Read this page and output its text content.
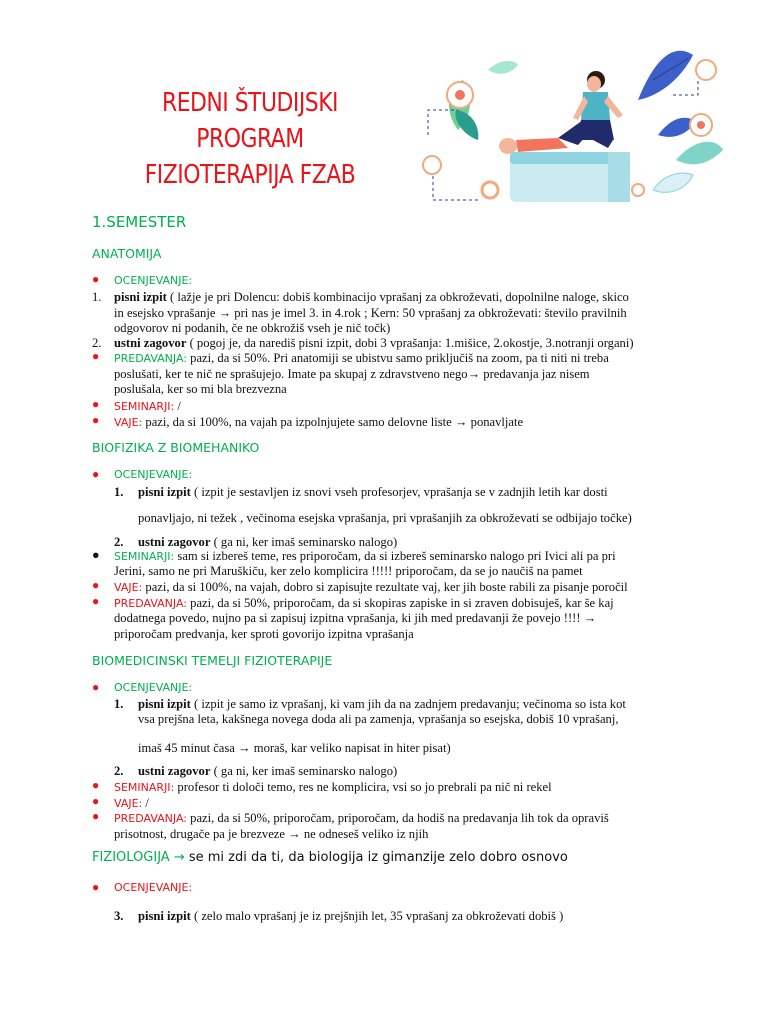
REDNI ŠTUDIJSKI
PROGRAM
FIZIOTERAPIJA FZAB
1.SEMESTER
ANATOMIJA
● OCENJEVANJE:
1. pisni izpit ( lažje je pri Dolencu: dobiš kombinacijo vprašanj za obkroževati, dopolnilne naloge, skico
in esejsko vprašanje → pri nas je imel 3. in 4.rok ; Kern: 50 vprašanj za obkroževati: število pravilnih
odgovorov ni podanih, če ne obkrožiš vseh je nič točk)
2. ustni zagovor ( pogoj je, da narediš pisni izpit, dobi 3 vprašanja: 1.mišice, 2.okostje, 3.notranji organi)
● PREDAVANJA: pazi, da si 50%. Pri anatomiji se ubistvu samo priključiš na zoom, pa ti niti ni treba
poslušati, ker te nič ne sprašujejo. Imate pa skupaj z zdravstveno nego→ predavanja jaz nisem
poslušala, ker so mi bla brezvezna
● SEMINARJI: /
● VAJE: pazi, da si 100%, na vajah pa izpolnjujete samo delovne liste → ponavljate
BIOFIZIKA Z BIOMEHANIKO
● OCENJEVANJE:
1. pisni izpit ( izpit je sestavljen iz snovi vseh profesorjev, vprašanja se v zadnjih letih kar dosti
ponavljajo, ni težek , večinoma esejska vprašanja, pri vprašanjih za obkroževati se odbijajo točke)
2. ustni zagovor ( ga ni, ker imaš seminarsko nalogo)
● SEMINARJI: sam si izbereš teme, res priporočam, da si izbereš seminarsko nalogo pri Ivici ali pa pri
Jerini, samo ne pri Maruškiču, ker zelo komplicira !!!!! priporočam, da se jo naučiš na pamet
● VAJE: pazi, da si 100%, na vajah, dobro si zapisujte rezultate vaj, ker jih boste rabili za pisanje poročil
● PREDAVANJA: pazi, da si 50%, priporočam, da si skopiras zapiske in si zraven dobisuješ, kar še kaj
dodatnega povedo, nujno pa si zapisuj izpitna vprašanja, ki jih med predavanji že povejo !!!! →
priporočam predvanja, ker sproti govorijo izpitna vprašanja
BIOMEDICINSKI TEMELJI FIZIOTERAPIJE
● OCENJEVANJE:
1. pisni izpit ( izpit je samo iz vprašanj, ki vam jih da na zadnjem predavanju; večinoma so ista kot
vsa prejšna leta, kakšnega novega doda ali pa zamenja, vprašanja so esejska, dobiš 10 vprašanj,
imaš 45 minut časa → moraš, kar veliko napisat in hiter pisat)
2. ustni zagovor ( ga ni, ker imaš seminarsko nalogo)
● SEMINARJI: profesor ti določi temo, res ne komplicira, vsi so jo prebrali pa nič ni rekel
● VAJE: /
● PREDAVANJA: pazi, da si 50%, priporočam, priporočam, da hodiš na predavanja lih tok da opraviš
prisotnost, drugače pa je brezveze → ne odneseš veliko iz njih
FIZIOLOGIJA → se mi zdi da ti, da biologija iz gimanzije zelo dobro osnovo
● OCENJEVANJE:
3. pisni izpit ( zelo malo vprašanj je iz prejšnjih let, 35 vprašanj za obkroževati dobiš )
